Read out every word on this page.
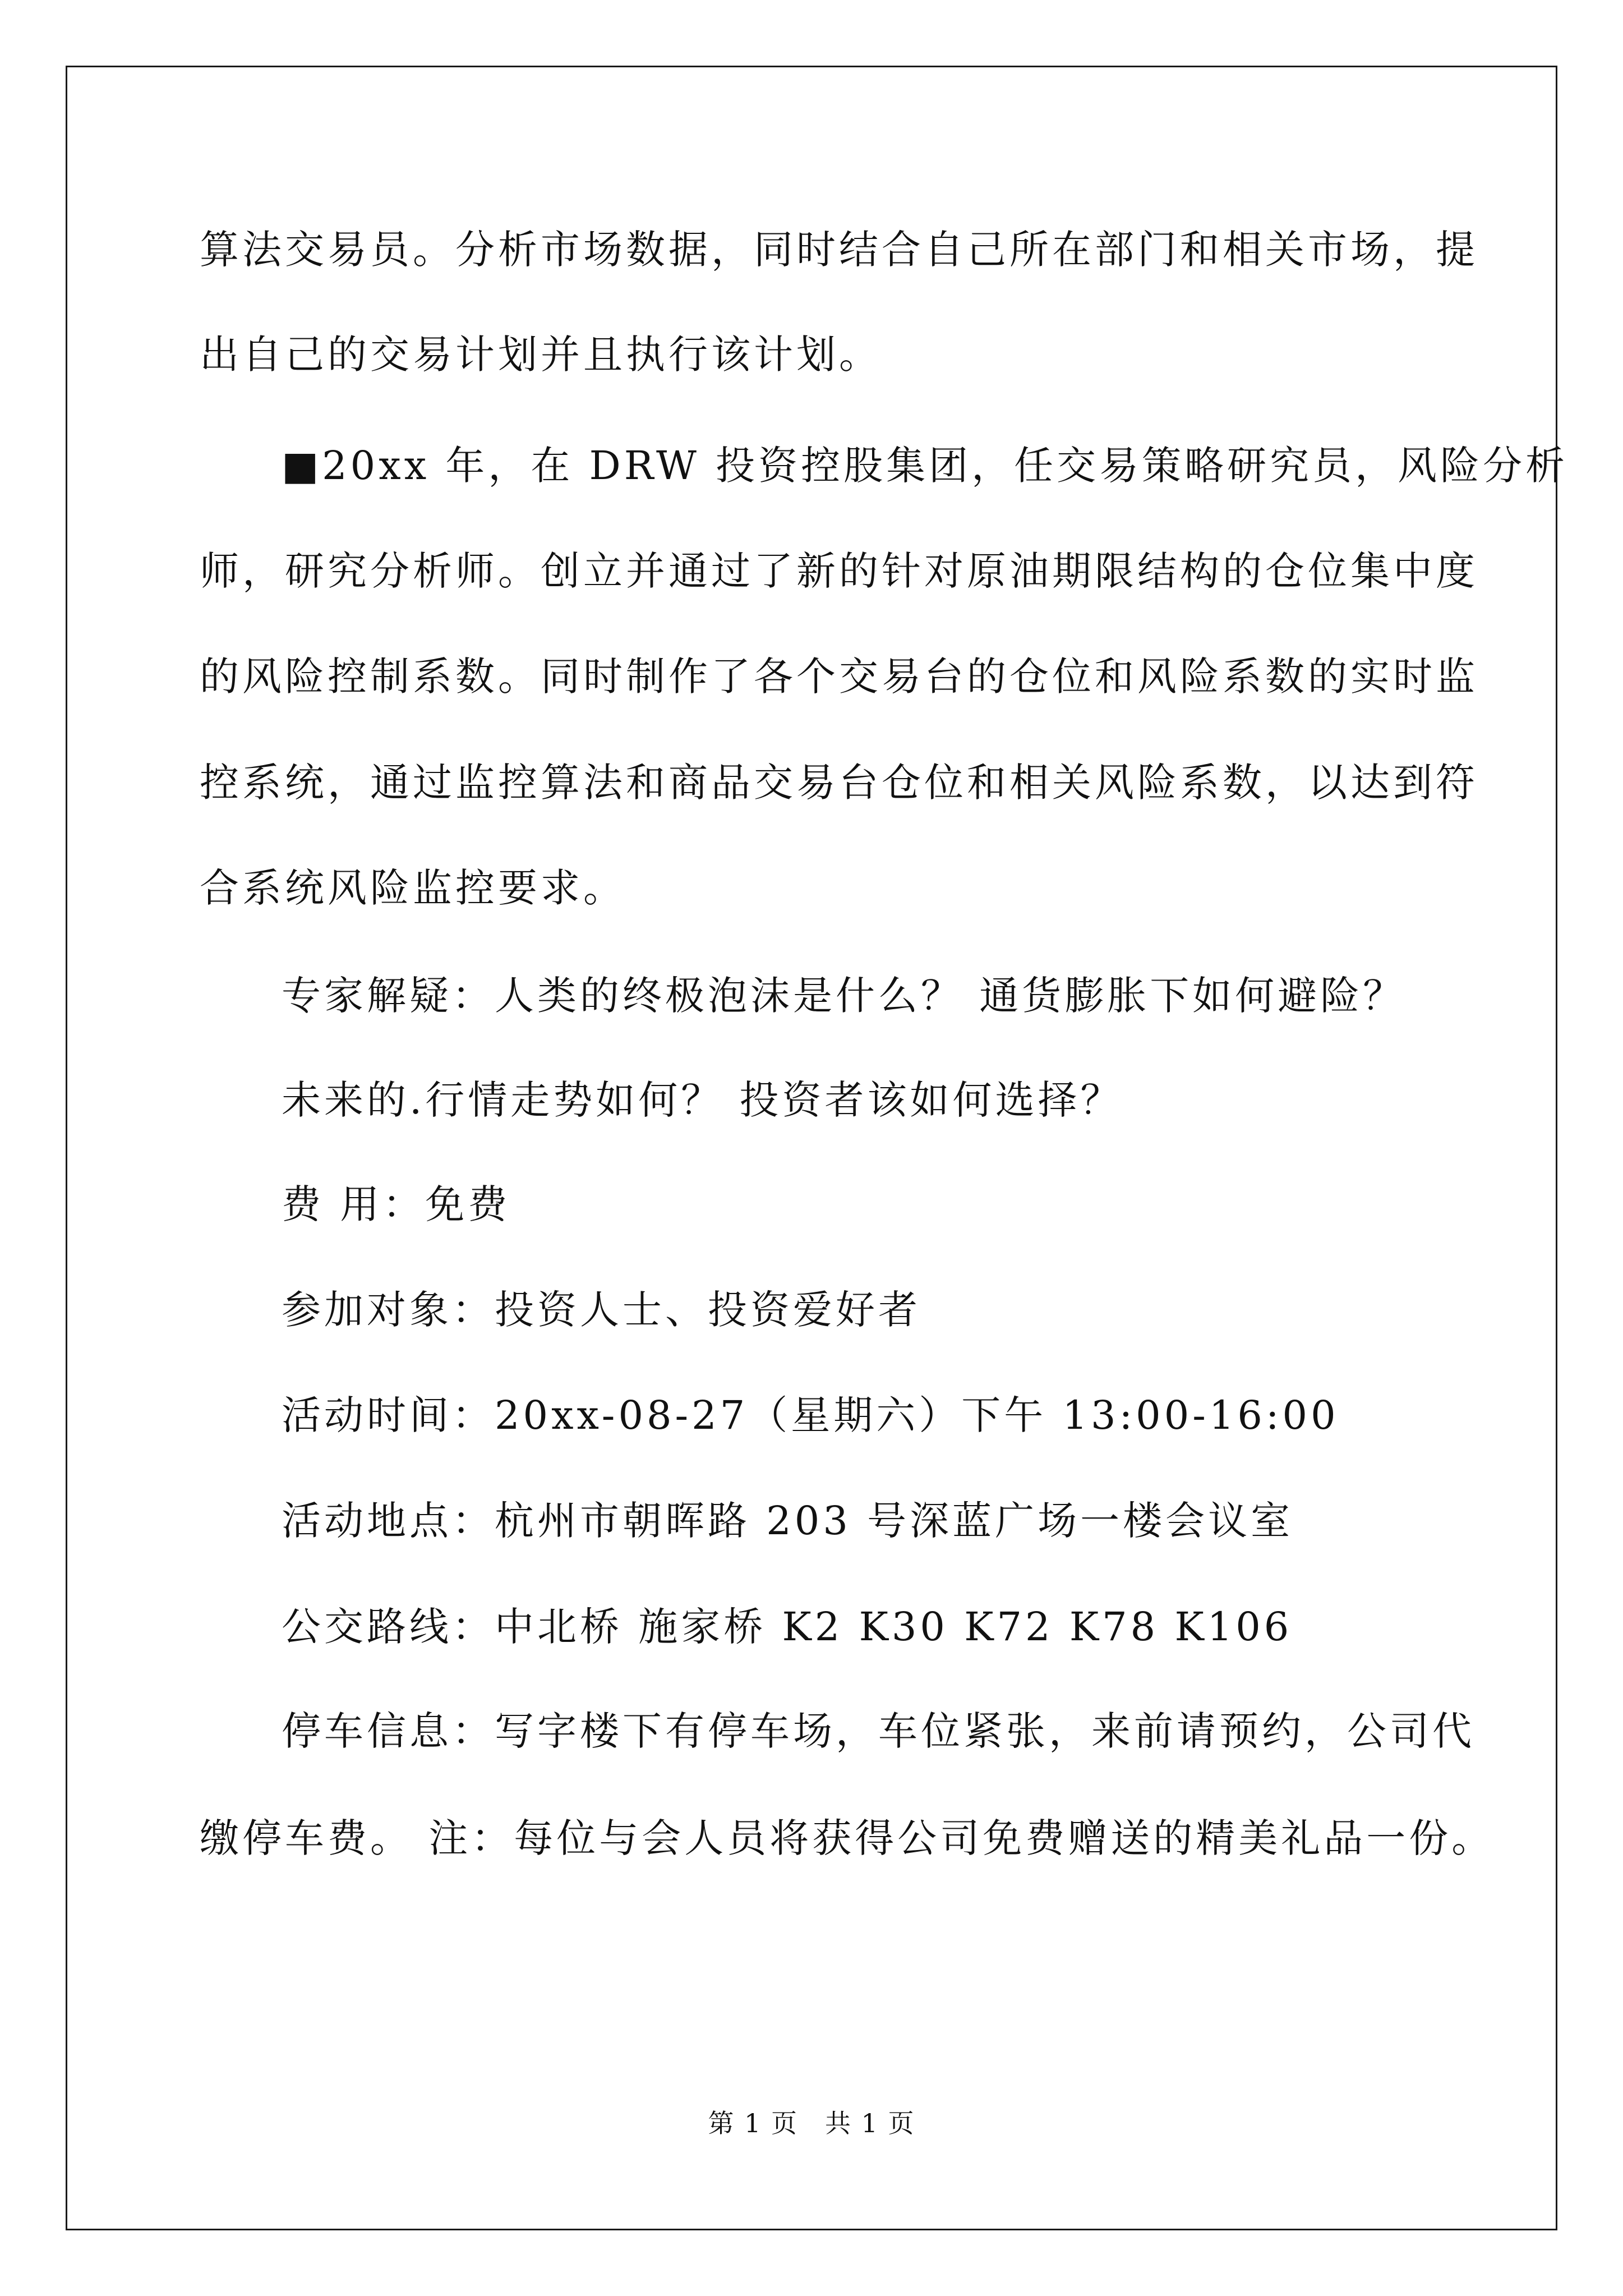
算法交易员。分析市场数据，同时结合自己所在部门和相关市场，提
出自己的交易计划并且执行该计划。
■20xx 年，在 DRW 投资控股集团，任交易策略研究员，风险分析
师，研究分析师。创立并通过了新的针对原油期限结构的仓位集中度
的风险控制系数。同时制作了各个交易台的仓位和风险系数的实时监
控系统，通过监控算法和商品交易台仓位和相关风险系数，以达到符
合系统风险监控要求。
专家解疑：人类的终极泡沫是什么？ 通货膨胀下如何避险？
未来的.行情走势如何？ 投资者该如何选择？
费 用：免费
参加对象：投资人士、投资爱好者
活动时间：20xx-08-27（星期六）下午 13:00-16:00
活动地点：杭州市朝晖路 203 号深蓝广场一楼会议室
公交路线：中北桥 施家桥 K2 K30 K72 K78 K106
停车信息：写字楼下有停车场，车位紧张，来前请预约，公司代
缴停车费。 注：每位与会人员将获得公司免费赠送的精美礼品一份。
第 1 页　共 1 页
